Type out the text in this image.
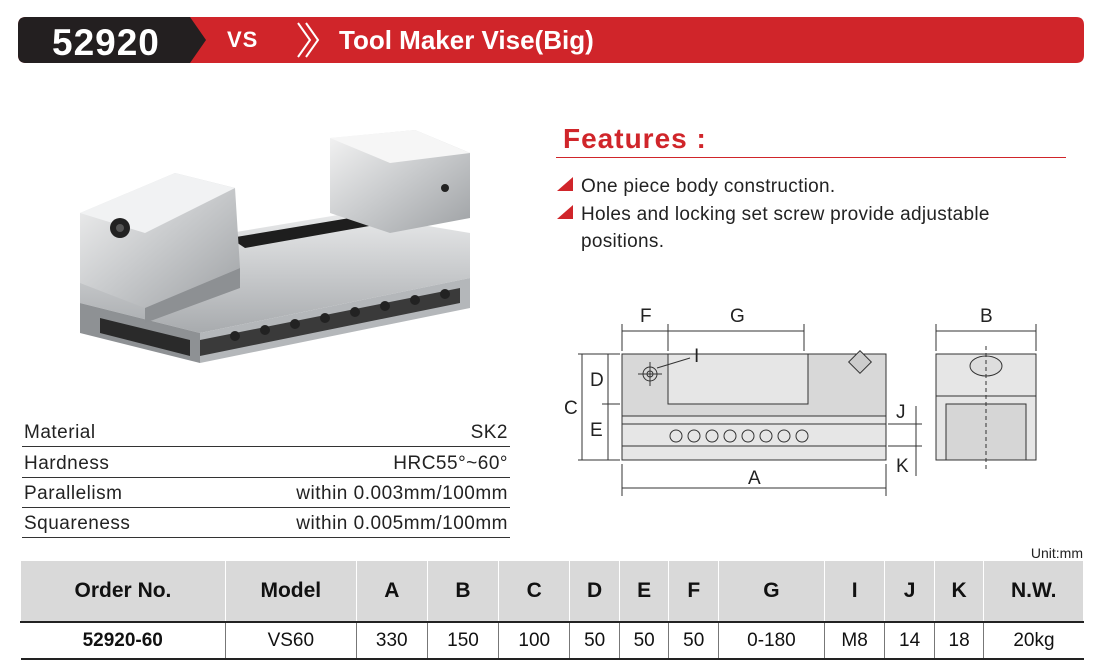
52920	VS	Tool Maker Vise(Big)
Features :
One piece body construction.
Holes and locking set screw provide adjustable positions.
Material	SK2
Hardness	HRC55°~60°
Parallelism	within 0.003mm/100mm
Squareness	within 0.005mm/100mm
F	G	B
I
D
C
E
J
K
A
Unit:mm
Order No.	Model	A	B	C	D	E	F	G	I	J	K	N.W.
52920-60	VS60	330	150	100	50	50	50	0-180	M8	14	18	20kg
